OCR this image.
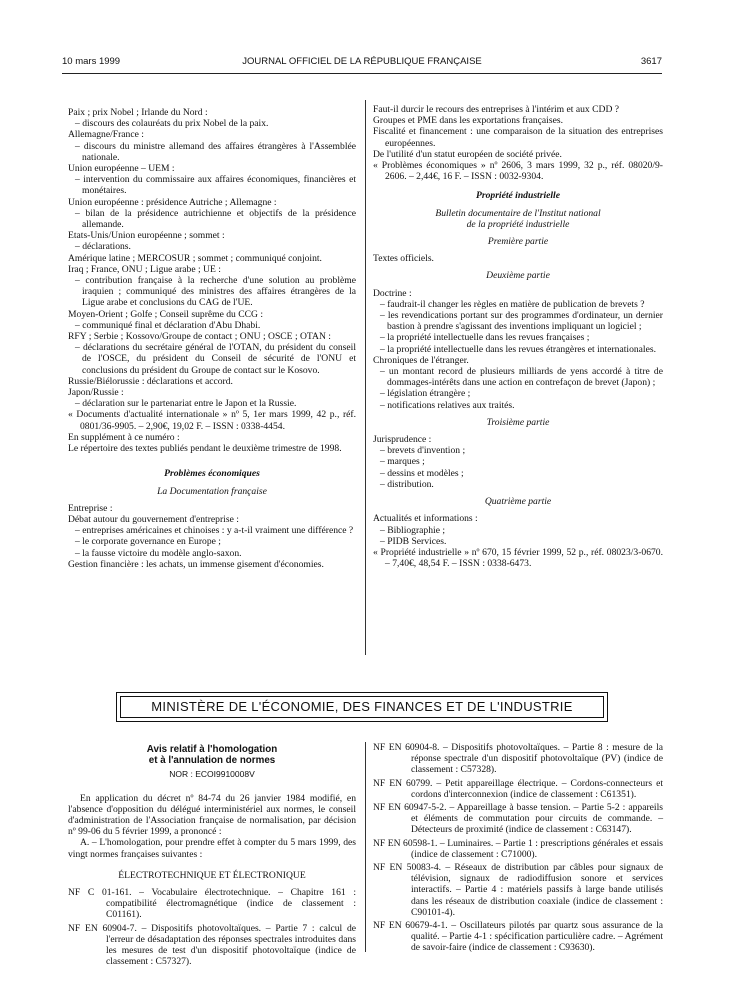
10 mars 1999	JOURNAL OFFICIEL DE LA RÉPUBLIQUE FRANÇAISE	3617

Paix ; prix Nobel ; Irlande du Nord :

– discours des colauréats du prix Nobel de la paix.

Allemagne/France :

– discours du ministre allemand des affaires étrangères à l'Assemblée nationale.

Union européenne – UEM :

– intervention du commissaire aux affaires économiques, financières et monétaires.

Union européenne : présidence Autriche ; Allemagne :

– bilan de la présidence autrichienne et objectifs de la présidence allemande.

Etats-Unis/Union européenne ; sommet :

– déclarations.

Amérique latine ; MERCOSUR ; sommet ; communiqué conjoint.

Iraq ; France, ONU ; Ligue arabe ; UE :

– contribution française à la recherche d'une solution au problème iraquien ; communiqué des ministres des affaires étrangères de la Ligue arabe et conclusions du CAG de l'UE.

Moyen-Orient ; Golfe ; Conseil suprême du CCG :

– communiqué final et déclaration d'Abu Dhabi.

RFY ; Serbie ; Kossovo/Groupe de contact ; ONU ; OSCE ; OTAN :

– déclarations du secrétaire général de l'OTAN, du président du conseil de l'OSCE, du président du Conseil de sécurité de l'ONU et conclusions du président du Groupe de contact sur le Kosovo.

Russie/Biélorussie : déclarations et accord.

Japon/Russie :

– déclaration sur le partenariat entre le Japon et la Russie.

« Documents d'actualité internationale » nº 5, 1er mars 1999, 42 p., réf. 0801/36-9905. – 2,90€, 19,02 F. – ISSN : 0338-4454.

En supplément à ce numéro :

Le répertoire des textes publiés pendant le deuxième trimestre de 1998.

Problèmes économiques

La Documentation française

Entreprise :

Débat autour du gouvernement d'entreprise :

– entreprises américaines et chinoises : y a-t-il vraiment une différence ?

– le corporate governance en Europe ;

– la fausse victoire du modèle anglo-saxon.

Gestion financière : les achats, un immense gisement d'économies.

Faut-il durcir le recours des entreprises à l'intérim et aux CDD ?

Groupes et PME dans les exportations françaises.

Fiscalité et financement : une comparaison de la situation des entreprises européennes.

De l'utilité d'un statut européen de société privée.

« Problèmes économiques » nº 2606, 3 mars 1999, 32 p., réf. 08020/9-2606. – 2,44€, 16 F. – ISSN : 0032-9304.

Propriété industrielle

Bulletin documentaire de l'Institut national de la propriété industrielle

Première partie

Textes officiels.

Deuxième partie

Doctrine :

– faudrait-il changer les règles en matière de publication de brevets ?

– les revendications portant sur des programmes d'ordinateur, un dernier bastion à prendre s'agissant des inventions impliquant un logiciel ;

– la propriété intellectuelle dans les revues françaises ;

– la propriété intellectuelle dans les revues étrangères et internationales.

Chroniques de l'étranger.

– un montant record de plusieurs milliards de yens accordé à titre de dommages-intérêts dans une action en contrefaçon de brevet (Japon) ;

– législation étrangère ;

– notifications relatives aux traités.

Troisième partie

Jurisprudence :

– brevets d'invention ;

– marques ;

– dessins et modèles ;

– distribution.

Quatrième partie

Actualités et informations :

– Bibliographie ;

– PIDB Services.

« Propriété industrielle » nº 670, 15 février 1999, 52 p., réf. 08023/3-0670. – 7,40€, 48,54 F. – ISSN : 0338-6473.

MINISTÈRE DE L'ÉCONOMIE, DES FINANCES ET DE L'INDUSTRIE

Avis relatif à l'homologation

et à l'annulation de normes

NOR : ECOI9910008V

En application du décret nº 84-74 du 26 janvier 1984 modifié, en l'absence d'opposition du délégué interministériel aux normes, le conseil d'administration de l'Association française de normalisation, par décision nº 99-06 du 5 février 1999, a prononcé :

A. – L'homologation, pour prendre effet à compter du 5 mars 1999, des vingt normes françaises suivantes :

ÉLECTROTECHNIQUE ET ÉLECTRONIQUE

NF C 01-161. – Vocabulaire électrotechnique. – Chapitre 161 : compatibilité électromagnétique (indice de classement : C01161).

NF EN 60904-7. – Dispositifs photovoltaïques. – Partie 7 : calcul de l'erreur de désadaptation des réponses spectrales introduites dans les mesures de test d'un dispositif photovoltaïque (indice de classement : C57327).

NF EN 60904-8. – Dispositifs photovoltaïques. – Partie 8 : mesure de la réponse spectrale d'un dispositif photovoltaïque (PV) (indice de classement : C57328).

NF EN 60799. – Petit appareillage électrique. – Cordons-connecteurs et cordons d'interconnexion (indice de classement : C61351).

NF EN 60947-5-2. – Appareillage à basse tension. – Partie 5-2 : appareils et éléments de commutation pour circuits de commande. – Détecteurs de proximité (indice de classement : C63147).

NF EN 60598-1. – Luminaires. – Partie 1 : prescriptions générales et essais (indice de classement : C71000).

NF EN 50083-4. – Réseaux de distribution par câbles pour signaux de télévision, signaux de radiodiffusion sonore et services interactifs. – Partie 4 : matériels passifs à large bande utilisés dans les réseaux de distribution coaxiale (indice de classement : C90101-4).

NF EN 60679-4-1. – Oscillateurs pilotés par quartz sous assurance de la qualité. – Partie 4-1 : spécification particulière cadre. – Agrément de savoir-faire (indice de classement : C93630).
